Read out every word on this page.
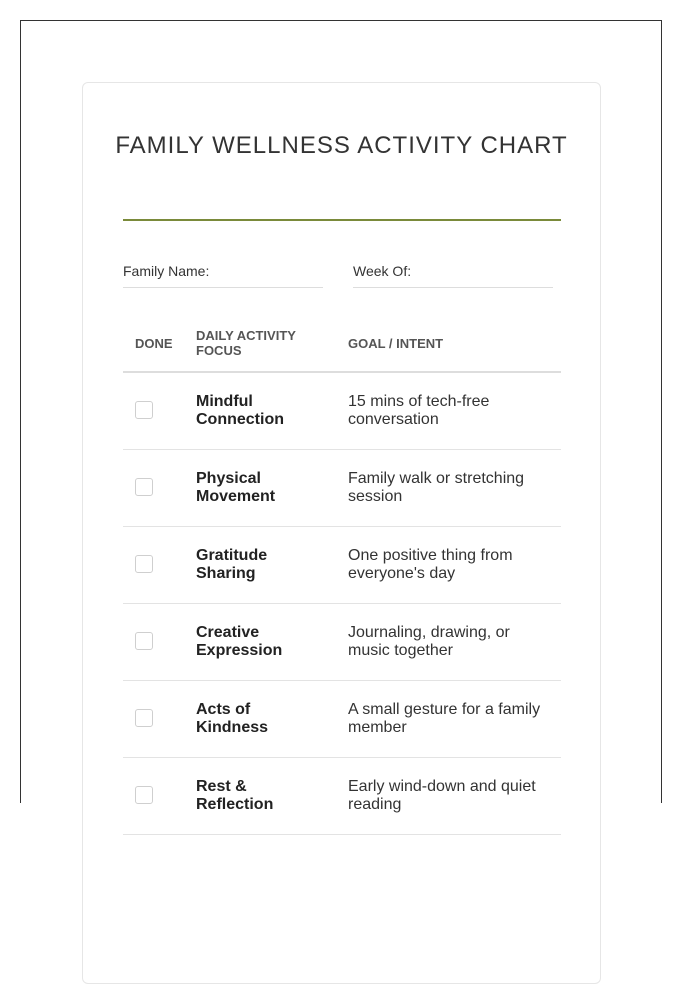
FAMILY WELLNESS ACTIVITY CHART
Family Name:	Week Of:
DONE
DAILY ACTIVITY FOCUS	GOAL / INTENT
Mindful Connection
15 mins of tech-free conversation
Physical Movement
Family walk or stretching session
Gratitude Sharing
One positive thing from everyone's day
Creative Expression
Journaling, drawing, or music together
Acts of Kindness
A small gesture for a family member
Rest & Reflection
Early wind-down and quiet reading
